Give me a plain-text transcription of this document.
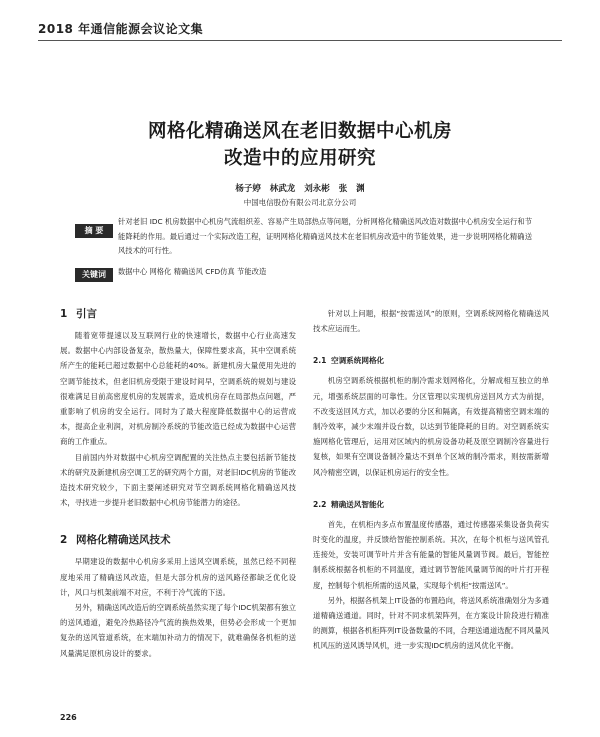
2018 年通信能源会议论文集
网格化精确送风在老旧数据中心机房
改造中的应用研究
杨子婷 林武龙 刘永彬 张 渊
中国电信股份有限公司北京分公司
摘 要
针对老旧 IDC 机房数据中心机房气流组织差、容易产生局部热点等问题，分析网格化精确送风改造对数据中心机房安全运行和节能降耗的作用。最后通过一个实际改造工程，证明网格化精确送风技术在老旧机房改造中的节能效果，进一步说明网格化精确送风技术的可行性。
关键词	数据中心 网格化 精确送风 CFD仿真 节能改造
1 引言

随着宽带提速以及互联网行业的快速增长，数据中心行业高速发展。数据中心内部设备复杂，散热量大，保障性要求高，其中空调系统所产生的能耗已超过数据中心总能耗的40%。新建机房大量使用先进的空调节能技术，但老旧机房受限于建设时间早，空调系统的规划与建设很难满足目前高密度机房的发展需求，造成机房存在局部热点问题，严重影响了机房的安全运行。同时为了最大程度降低数据中心的运营成本，提高企业利润，对机房制冷系统的节能改造已经成为数据中心运营商的工作重点。

目前国内外对数据中心机房空调配置的关注热点主要包括新节能技术的研究及新建机房空调工艺的研究两个方面，对老旧IDC机房的节能改造技术研究较少，下面主要阐述研究对节空调系统网格化精确送风技术，寻找进一步提升老旧数据中心机房节能潜力的途径。

2 网格化精确送风技术

早期建设的数据中心机房多采用上送风空调系统，虽然已经不同程度地采用了精确送风改造，但是大部分机房的送风路径都缺乏优化设计，风口与机架前端不对应，不利于冷气流的下送。

另外，精确送风改造后的空调系统虽然实现了每个IDC机架都有独立的送风通道，避免冷热路径冷气流的换热效果，但势必会形成一个更加复杂的送风管道系统，在末端加补动力的情况下，就难确保各机柜的送风量满足原机房设计的要求。

针对以上问题，根据“按需送风”的原则，空调系统网格化精确送风技术应运而生。

2.1 空调系统网格化

机房空调系统根据机柜的制冷需求划网格化，分解成相互独立的单元，增强系统层面的可靠性。分区管理以实现机房送回风方式为前提，不改变送回风方式，加以必要的分区和隔离，有效提高精密空调末端的制冷效率，减少末端并设台数，以达到节能降耗的目的。对空调系统实施网格化管理后，运用对区域内的机房设备功耗及原空调制冷容量进行复核，如果有空调设备制冷量达不到单个区域的制冷需求，则按需新增风冷精密空调，以保证机房运行的安全性。

2.2 精确送风智能化

首先，在机柜内多点布置温度传感器，通过传感器采集设备负荷实时变化的温度，并反馈给智能控制系统。其次，在每个机柜与送风管孔连接处，安装可调节叶片并含有能量的智能风量调节阀。最后，智能控制系统根据各机柜的不同温度，通过调节智能风量调节阀的叶片打开程度，控制每个机柜所需的送风量，实现每个机柜“按需送风”。

另外，根据各机架上IT设备的布置趋向，将送风系统准确划分为多通道精确送通道。同时，针对不同求机架阵列，在方案设计阶段进行精准的测算，根据各机柜阵列IT设备数量的不同，合理送通道选配不同风量风机风压的送风诱导风机，进一步实现IDC机房的送风优化平衡。

226
